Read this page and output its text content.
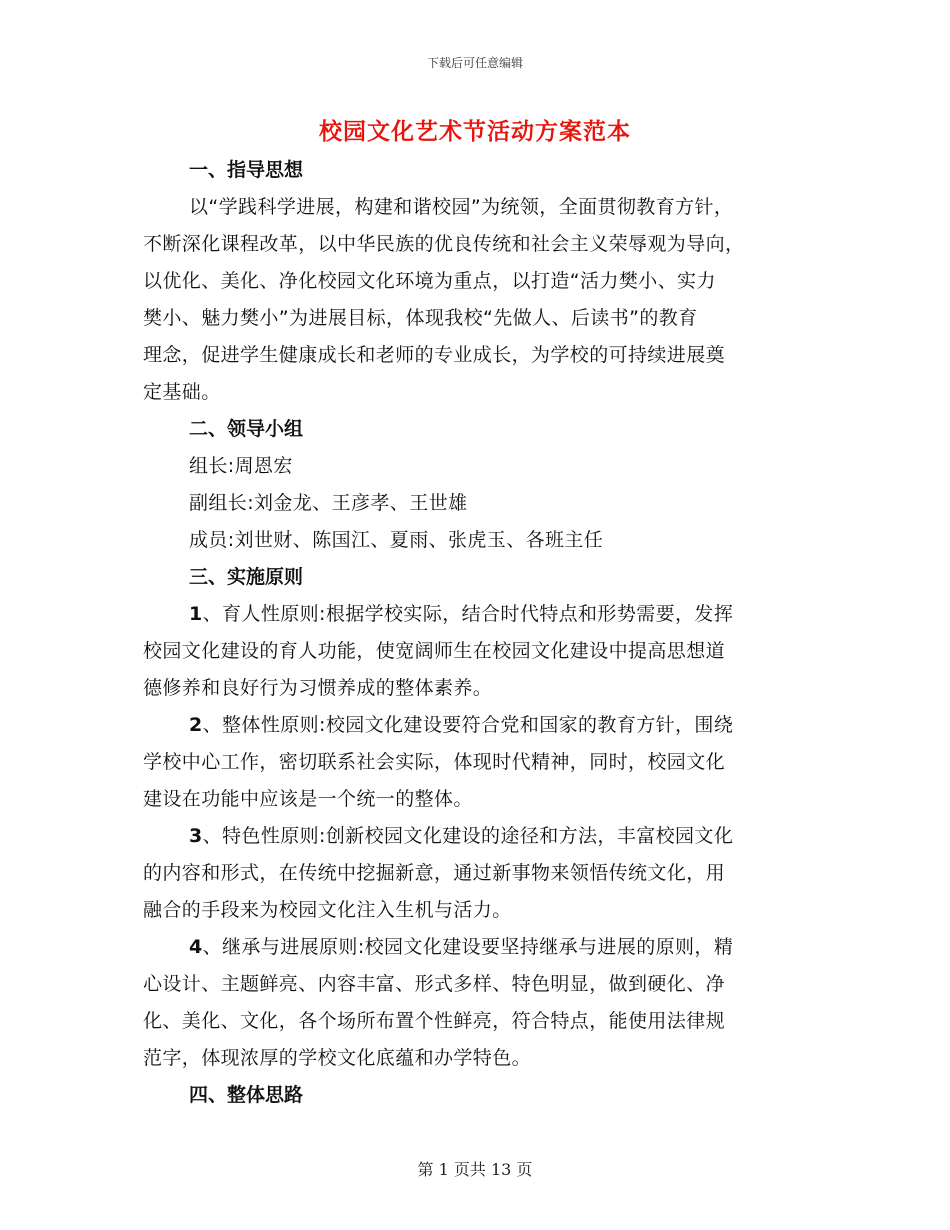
下载后可任意编辑
校园文化艺术节活动方案范本
一、指导思想
以“学践科学进展，构建和谐校园”为统领，全面贯彻教育方针，
不断深化课程改革，以中华民族的优良传统和社会主义荣辱观为导向，
以优化、美化、净化校园文化环境为重点，以打造“活力樊小、实力
樊小、魅力樊小”为进展目标，体现我校“先做人、后读书”的教育
理念，促进学生健康成长和老师的专业成长，为学校的可持续进展奠
定基础。
二、领导小组
组长:周恩宏
副组长:刘金龙、王彦孝、王世雄
成员:刘世财、陈国江、夏雨、张虎玉、各班主任
三、实施原则
1、育人性原则:根据学校实际，结合时代特点和形势需要，发挥
校园文化建设的育人功能，使宽阔师生在校园文化建设中提高思想道
德修养和良好行为习惯养成的整体素养。
2、整体性原则:校园文化建设要符合党和国家的教育方针，围绕
学校中心工作，密切联系社会实际，体现时代精神，同时，校园文化
建设在功能中应该是一个统一的整体。
3、特色性原则:创新校园文化建设的途径和方法，丰富校园文化
的内容和形式，在传统中挖掘新意，通过新事物来领悟传统文化，用
融合的手段来为校园文化注入生机与活力。
4、继承与进展原则:校园文化建设要坚持继承与进展的原则，精
心设计、主题鲜亮、内容丰富、形式多样、特色明显，做到硬化、净
化、美化、文化，各个场所布置个性鲜亮，符合特点，能使用法律规
范字，体现浓厚的学校文化底蕴和办学特色。
四、整体思路
第 1 页共 13 页
